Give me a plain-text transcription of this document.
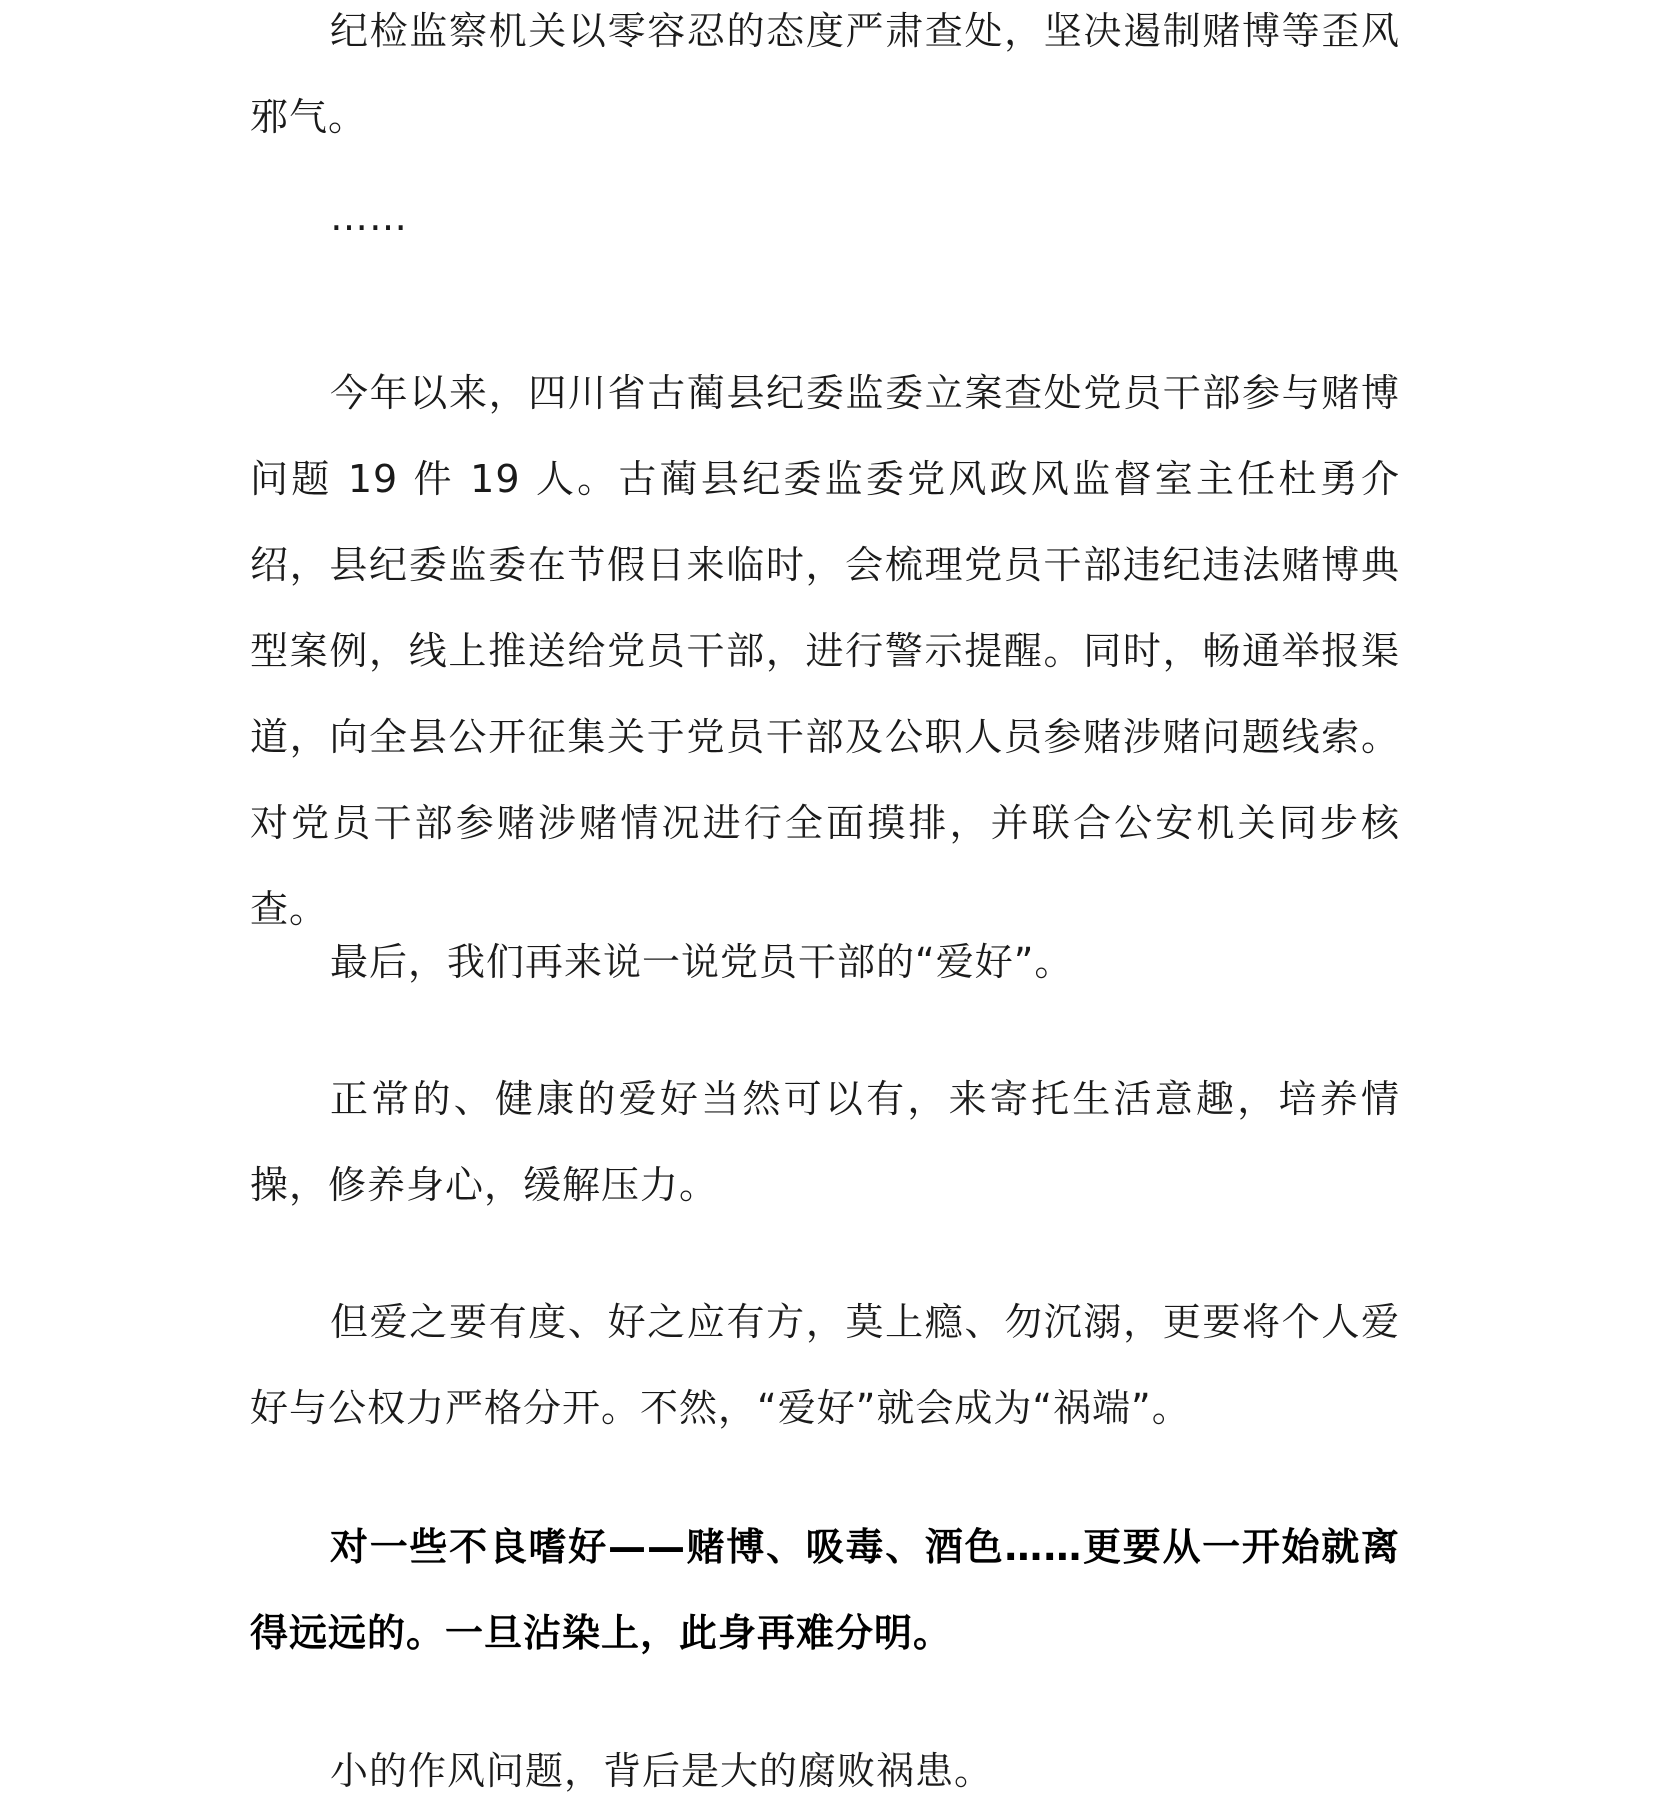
纪检监察机关以零容忍的态度严肃查处，坚决遏制赌博等歪风邪气。

……

今年以来，四川省古蔺县纪委监委立案查处党员干部参与赌博问题 19 件 19 人。古蔺县纪委监委党风政风监督室主任杜勇介绍，县纪委监委在节假日来临时，会梳理党员干部违纪违法赌博典型案例，线上推送给党员干部，进行警示提醒。同时，畅通举报渠道，向全县公开征集关于党员干部及公职人员参赌涉赌问题线索。对党员干部参赌涉赌情况进行全面摸排，并联合公安机关同步核查。

最后，我们再来说一说党员干部的“爱好”。

正常的、健康的爱好当然可以有，来寄托生活意趣，培养情操，修养身心，缓解压力。

但爱之要有度、好之应有方，莫上瘾、勿沉溺，更要将个人爱好与公权力严格分开。不然，“爱好”就会成为“祸端”。

对一些不良嗜好——赌博、吸毒、酒色……更要从一开始就离得远远的。一旦沾染上，此身再难分明。

小的作风问题，背后是大的腐败祸患。
